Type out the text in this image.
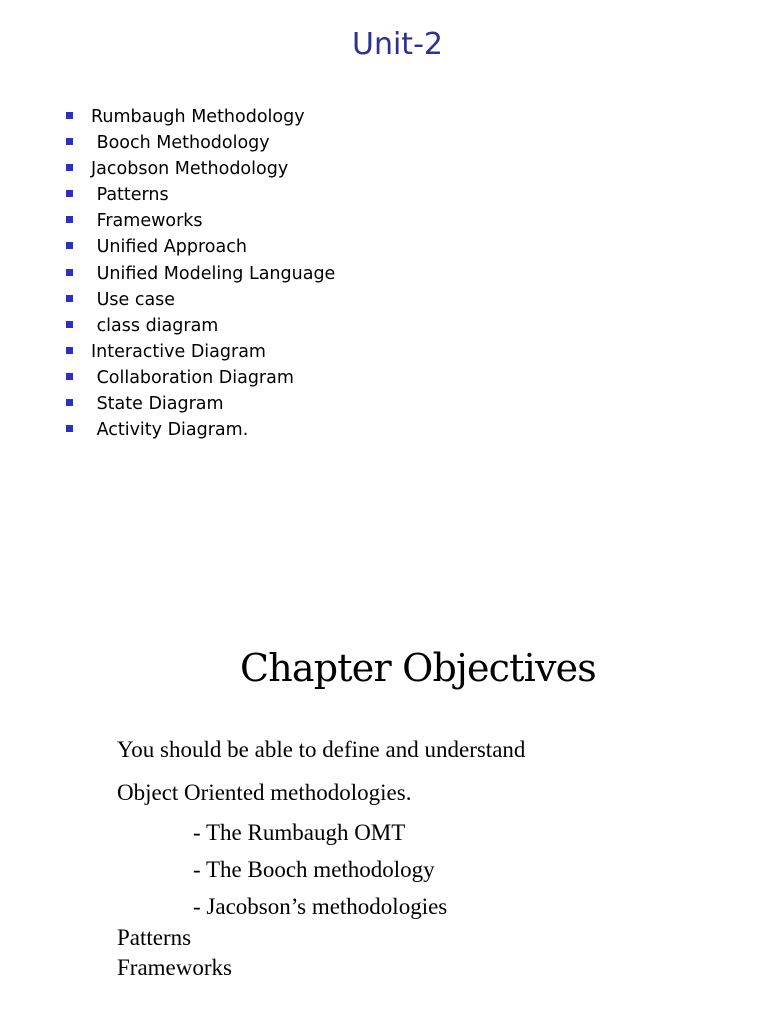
Unit-2
Rumbaugh Methodology
Booch Methodology
Jacobson Methodology
Patterns
Frameworks
Unified Approach
Unified Modeling Language
Use case
class diagram
Interactive Diagram
Collaboration Diagram
State Diagram
Activity Diagram.
Chapter Objectives

You should be able to define and understand

Object Oriented methodologies.

- The Rumbaugh OMT

- The Booch methodology

- Jacobson’s methodologies

Patterns

Frameworks
